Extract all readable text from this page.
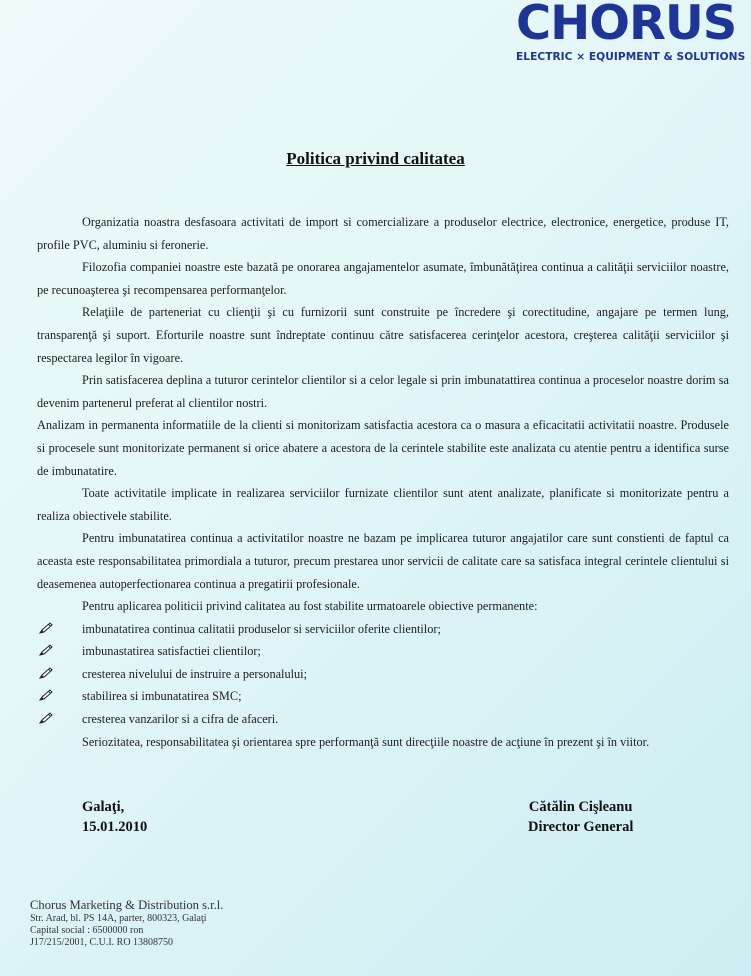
CHORUS
ELECTRIC × EQUIPMENT & SOLUTIONS
Politica privind calitatea

Organizatia noastra desfasoara activitati de import si comercializare a produselor electrice, electronice, energetice, produse IT, profile PVC, aluminiu si feronerie.

Filozofia companiei noastre este bazată pe onorarea angajamentelor asumate, îmbunătăţirea continua a calităţii serviciilor noastre, pe recunoaşterea şi recompensarea performanţelor.

Relaţiile de parteneriat cu clienţii şi cu furnizorii sunt construite pe încredere şi corectitudine, angajare pe termen lung, transparenţă şi suport. Eforturile noastre sunt îndreptate continuu către satisfacerea cerinţelor acestora, creşterea calităţii serviciilor şi respectarea legilor în vigoare.

Prin satisfacerea deplina a tuturor cerintelor clientilor si a celor legale si prin imbunatattirea continua a proceselor noastre dorim sa devenim partenerul preferat al clientilor nostri.

Analizam in permanenta informatiile de la clienti si monitorizam satisfactia acestora ca o masura a eficacitatii activitatii noastre. Produsele si procesele sunt monitorizate permanent si orice abatere a acestora de la cerintele stabilite este analizata cu atentie pentru a identifica surse de imbunatatire.

Toate activitatile implicate in realizarea serviciilor furnizate clientilor sunt atent analizate, planificate si monitorizate pentru a realiza obiectivele stabilite.

Pentru imbunatatirea continua a activitatilor noastre ne bazam pe implicarea tuturor angajatilor care sunt constienti de faptul ca aceasta este responsabilitatea primordiala a tuturor, precum prestarea unor servicii de calitate care sa satisfaca integral cerintele clientului si deasemenea autoperfectionarea continua a pregatirii profesionale.

Pentru aplicarea politicii privind calitatea au fost stabilite urmatoarele obiective permanente:

imbunatatirea continua calitatii produselor si serviciilor oferite clientilor;
imbunastatirea satisfactiei clientilor;
cresterea nivelului de instruire a personalului;
stabilirea si imbunatatirea SMC;
cresterea vanzarilor si a cifra de afaceri.

Seriozitatea, responsabilitatea şi orientarea spre performanţă sunt direcţiile noastre de acţiune în prezent şi în viitor.

Galaţi,
15.01.2010
Cătălin Cişleanu
Director General
Chorus Marketing & Distribution s.r.l.
Str. Arad, bl. PS 14A, parter, 800323, Galaţi
Capital social : 6500000 ron
J17/215/2001, C.U.I. RO 13808750
